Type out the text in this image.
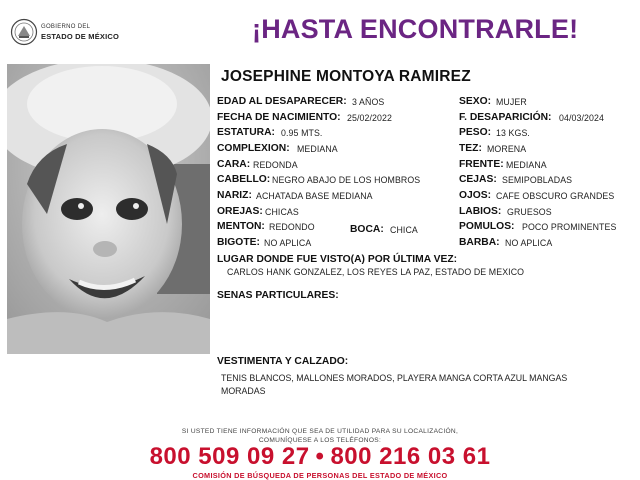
GOBIERNO DEL
ESTADO DE MÉXICO	¡HASTA ENCONTRARLE!
JOSEPHINE MONTOYA RAMIREZ
EDAD AL DESAPARECER: 3 AÑOS
FECHA DE NACIMIENTO: 25/02/2022
ESTATURA: 0.95 MTS.
COMPLEXION: MEDIANA
CARA: REDONDA
CABELLO: NEGRO ABAJO DE LOS HOMBROS
NARIZ: ACHATADA BASE MEDIANA
OREJAS: CHICAS
MENTON: REDONDO	BOCA: CHICA
BIGOTE: NO APLICA
SEXO: MUJER
F. DESAPARICIÓN: 04/03/2024
PESO: 13 KGS.
TEZ: MORENA
FRENTE: MEDIANA
CEJAS: SEMIPOBLADAS
OJOS: CAFE OBSCURO GRANDES
LABIOS: GRUESOS
POMULOS: POCO PROMINENTES
BARBA: NO APLICA
LUGAR DONDE FUE VISTO(A) POR ÚLTIMA VEZ:
CARLOS HANK GONZALEZ, LOS REYES LA PAZ, ESTADO DE MEXICO
SENAS PARTICULARES:
VESTIMENTA Y CALZADO:
TENIS BLANCOS, MALLONES MORADOS, PLAYERA MANGA CORTA AZUL MANGAS MORADAS
SI USTED TIENE INFORMACIÓN QUE SEA DE UTILIDAD PARA SU LOCALIZACIÓN,
COMUNÍQUESE A LOS TELÉFONOS:
800 509 09 27 • 800 216 03 61
COMISIÓN DE BÚSQUEDA DE PERSONAS DEL ESTADO DE MÉXICO
